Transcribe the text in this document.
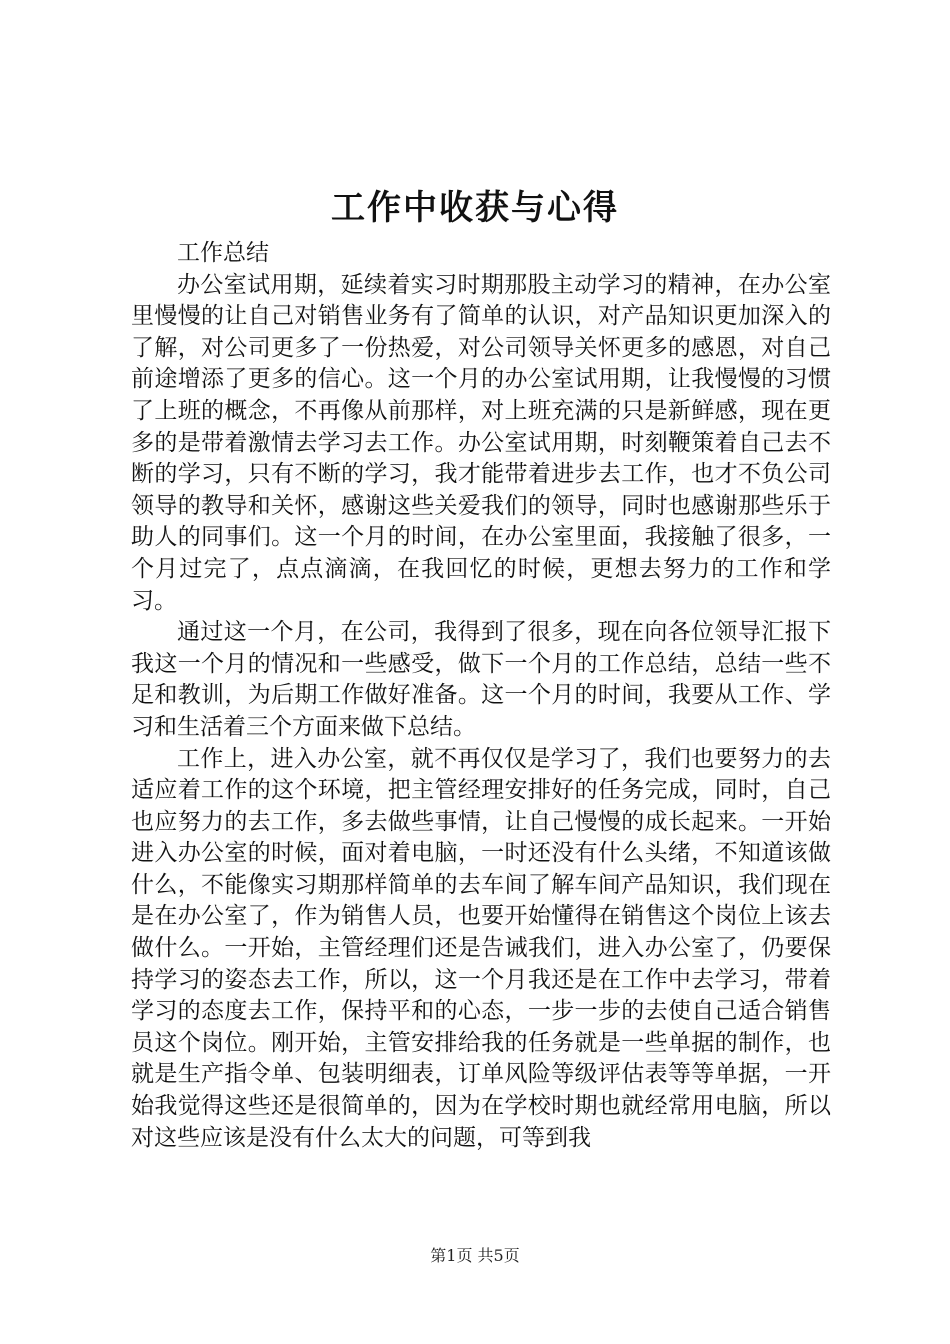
工作中收获与心得

工作总结

办公室试用期，延续着实习时期那股主动学习的精神，在办公室里慢慢的让自己对销售业务有了简单的认识，对产品知识更加深入的了解，对公司更多了一份热爱，对公司领导关怀更多的感恩，对自己前途增添了更多的信心。这一个月的办公室试用期，让我慢慢的习惯了上班的概念，不再像从前那样，对上班充满的只是新鲜感，现在更多的是带着激情去学习去工作。办公室试用期，时刻鞭策着自己去不断的学习，只有不断的学习，我才能带着进步去工作，也才不负公司领导的教导和关怀，感谢这些关爱我们的领导，同时也感谢那些乐于助人的同事们。这一个月的时间，在办公室里面，我接触了很多，一个月过完了，点点滴滴，在我回忆的时候，更想去努力的工作和学习。

通过这一个月，在公司，我得到了很多，现在向各位领导汇报下我这一个月的情况和一些感受，做下一个月的工作总结，总结一些不足和教训，为后期工作做好准备。这一个月的时间，我要从工作、学习和生活着三个方面来做下总结。

工作上，进入办公室，就不再仅仅是学习了，我们也要努力的去适应着工作的这个环境，把主管经理安排好的任务完成，同时，自己也应努力的去工作，多去做些事情，让自己慢慢的成长起来。一开始进入办公室的时候，面对着电脑，一时还没有什么头绪，不知道该做什么，不能像实习期那样简单的去车间了解车间产品知识，我们现在是在办公室了，作为销售人员，也要开始懂得在销售这个岗位上该去做什么。一开始，主管经理们还是告诫我们，进入办公室了，仍要保持学习的姿态去工作，所以，这一个月我还是在工作中去学习，带着学习的态度去工作，保持平和的心态，一步一步的去使自己适合销售员这个岗位。刚开始，主管安排给我的任务就是一些单据的制作，也就是生产指令单、包装明细表，订单风险等级评估表等等单据，一开始我觉得这些还是很简单的，因为在学校时期也就经常用电脑，所以对这些应该是没有什么太大的问题，可等到我

第1页 共5页
